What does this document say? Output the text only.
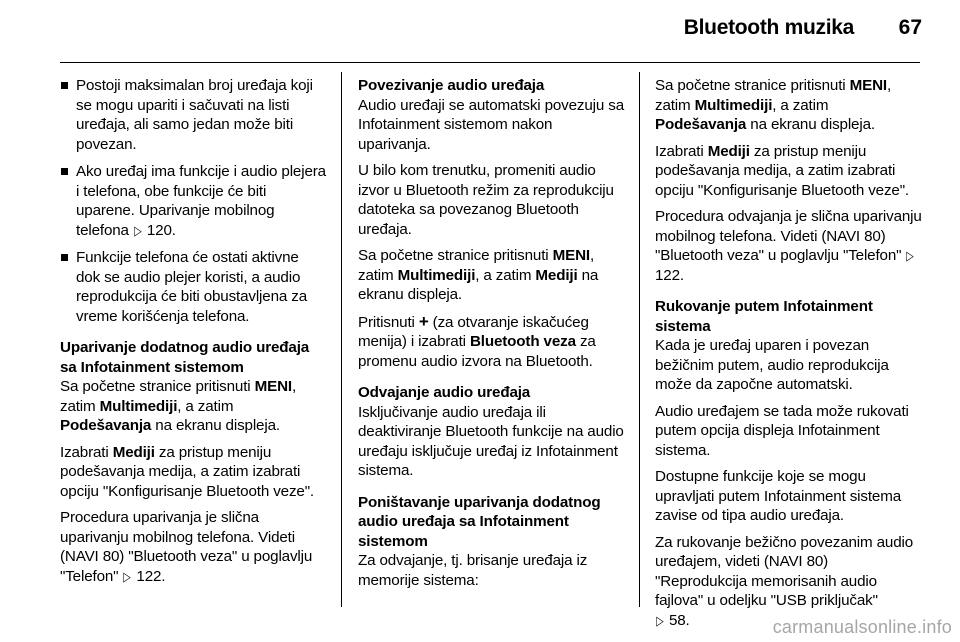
Bluetooth muzika 67
Postoji maksimalan broj uređaja koji se mogu upariti i sačuvati na listi uređaja, ali samo jedan može biti povezan.
Ako uređaj ima funkcije i audio plejera i telefona, obe funkcije će biti uparene. Uparivanje mobilnog telefona ▷ 120.
Funkcije telefona će ostati aktivne dok se audio plejer koristi, a audio reprodukcija će biti obustavljena za vreme korišćenja telefona.

Uparivanje dodatnog audio uređaja sa Infotainment sistemom

Sa početne stranice pritisnuti MENI, zatim Multimediji, a zatim Podešavanja na ekranu displeja.

Izabrati Mediji za pristup meniju podešavanja medija, a zatim izabrati opciju "Konfigurisanje Bluetooth veze".

Procedura uparivanja je slična uparivanju mobilnog telefona. Videti (NAVI 80) "Bluetooth veza" u poglavlju "Telefon" ▷ 122.

Povezivanje audio uređaja

Audio uređaji se automatski povezuju sa Infotainment sistemom nakon uparivanja.

U bilo kom trenutku, promeniti audio izvor u Bluetooth režim za reprodukciju datoteka sa povezanog Bluetooth uređaja.

Sa početne stranice pritisnuti MENI, zatim Multimediji, a zatim Mediji na ekranu displeja.

Pritisnuti + (za otvaranje iskačućeg menija) i izabrati Bluetooth veza za promenu audio izvora na Bluetooth.

Odvajanje audio uređaja

Isključivanje audio uređaja ili deaktiviranje Bluetooth funkcije na audio uređaju isključuje uređaj iz Infotainment sistema.

Poništavanje uparivanja dodatnog audio uređaja sa Infotainment sistemom

Za odvajanje, tj. brisanje uređaja iz memorije sistema:

Sa početne stranice pritisnuti MENI, zatim Multimediji, a zatim Podešavanja na ekranu displeja.

Izabrati Mediji za pristup meniju podešavanja medija, a zatim izabrati opciju "Konfigurisanje Bluetooth veze".

Procedura odvajanja je slična uparivanju mobilnog telefona. Videti (NAVI 80) "Bluetooth veza" u poglavlju "Telefon" ▷ 122.

Rukovanje putem Infotainment sistema

Kada je uređaj uparen i povezan bežičnim putem, audio reprodukcija može da započne automatski.

Audio uređajem se tada može rukovati putem opcija displeja Infotainment sistema.

Dostupne funkcije koje se mogu upravljati putem Infotainment sistema zavise od tipa audio uređaja.

Za rukovanje bežično povezanim audio uređajem, videti (NAVI 80) "Reprodukcija memorisanih audio fajlova" u odeljku "USB priključak"
▷ 58.	carmanualsonline.info
